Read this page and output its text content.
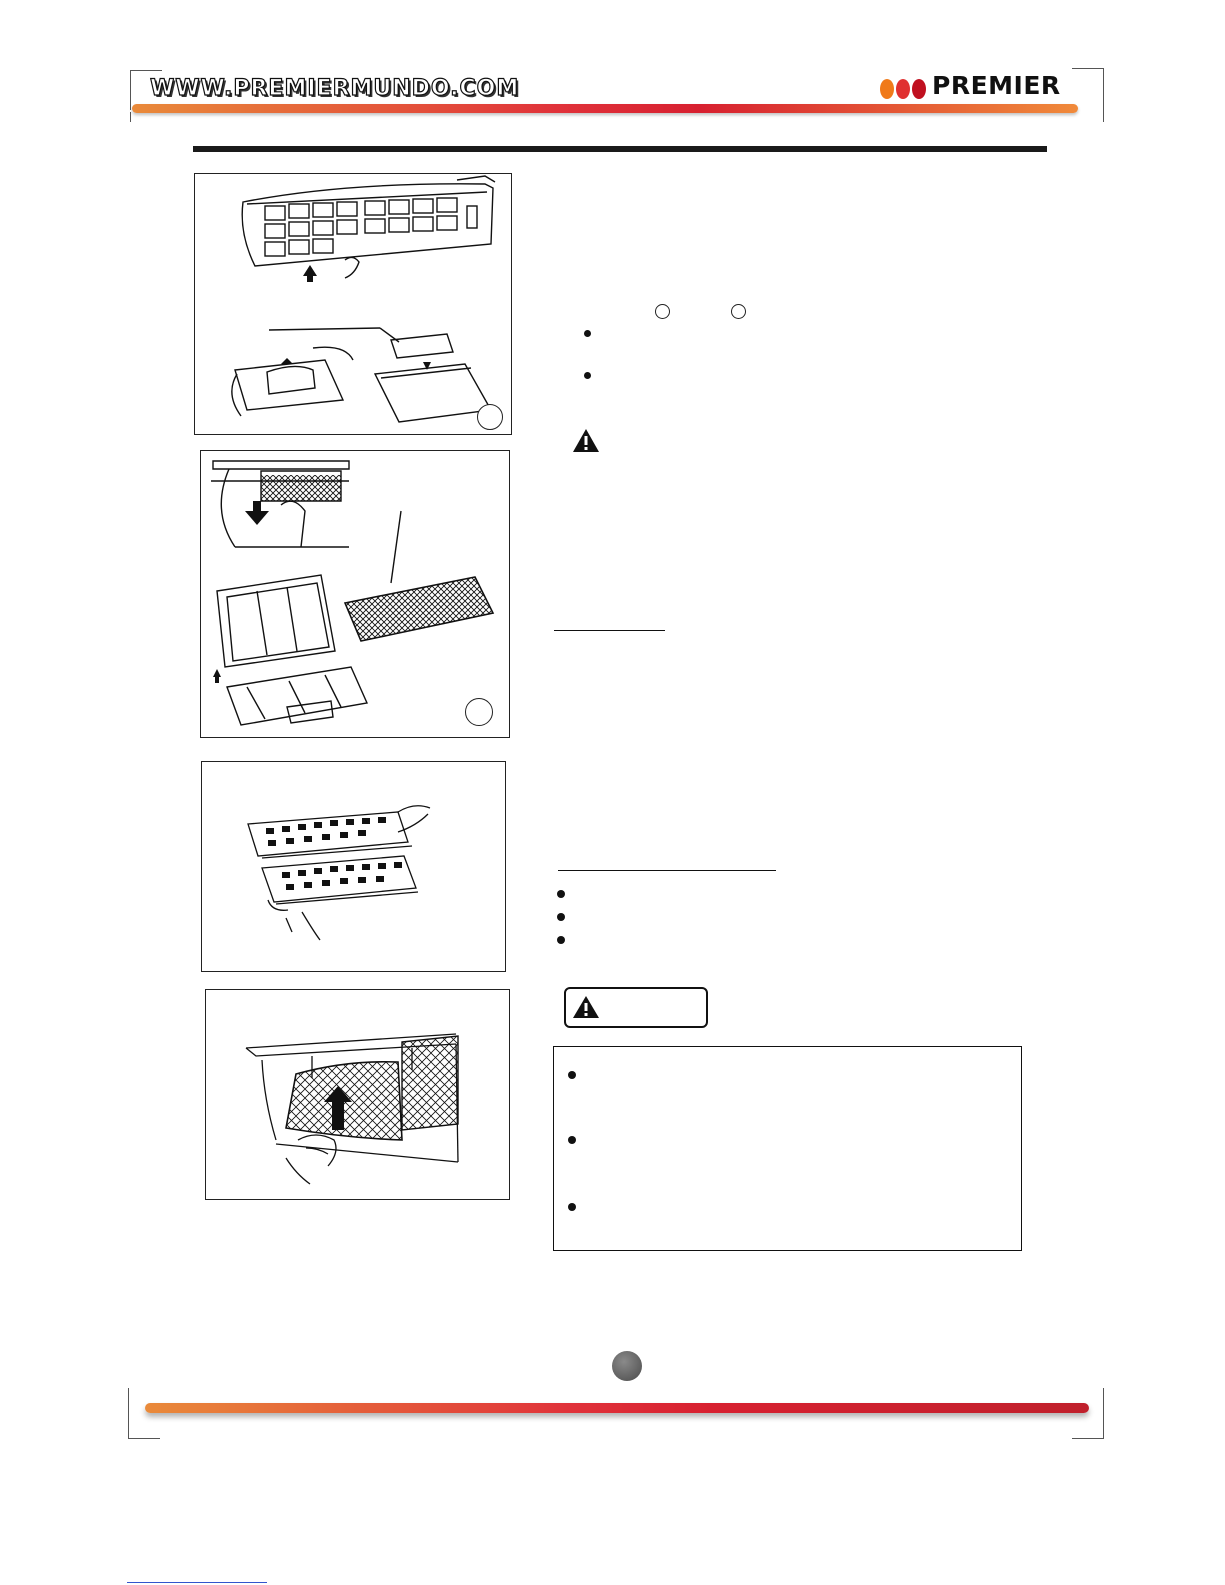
WWW.PREMIERMUNDO.COM	PREMIER
